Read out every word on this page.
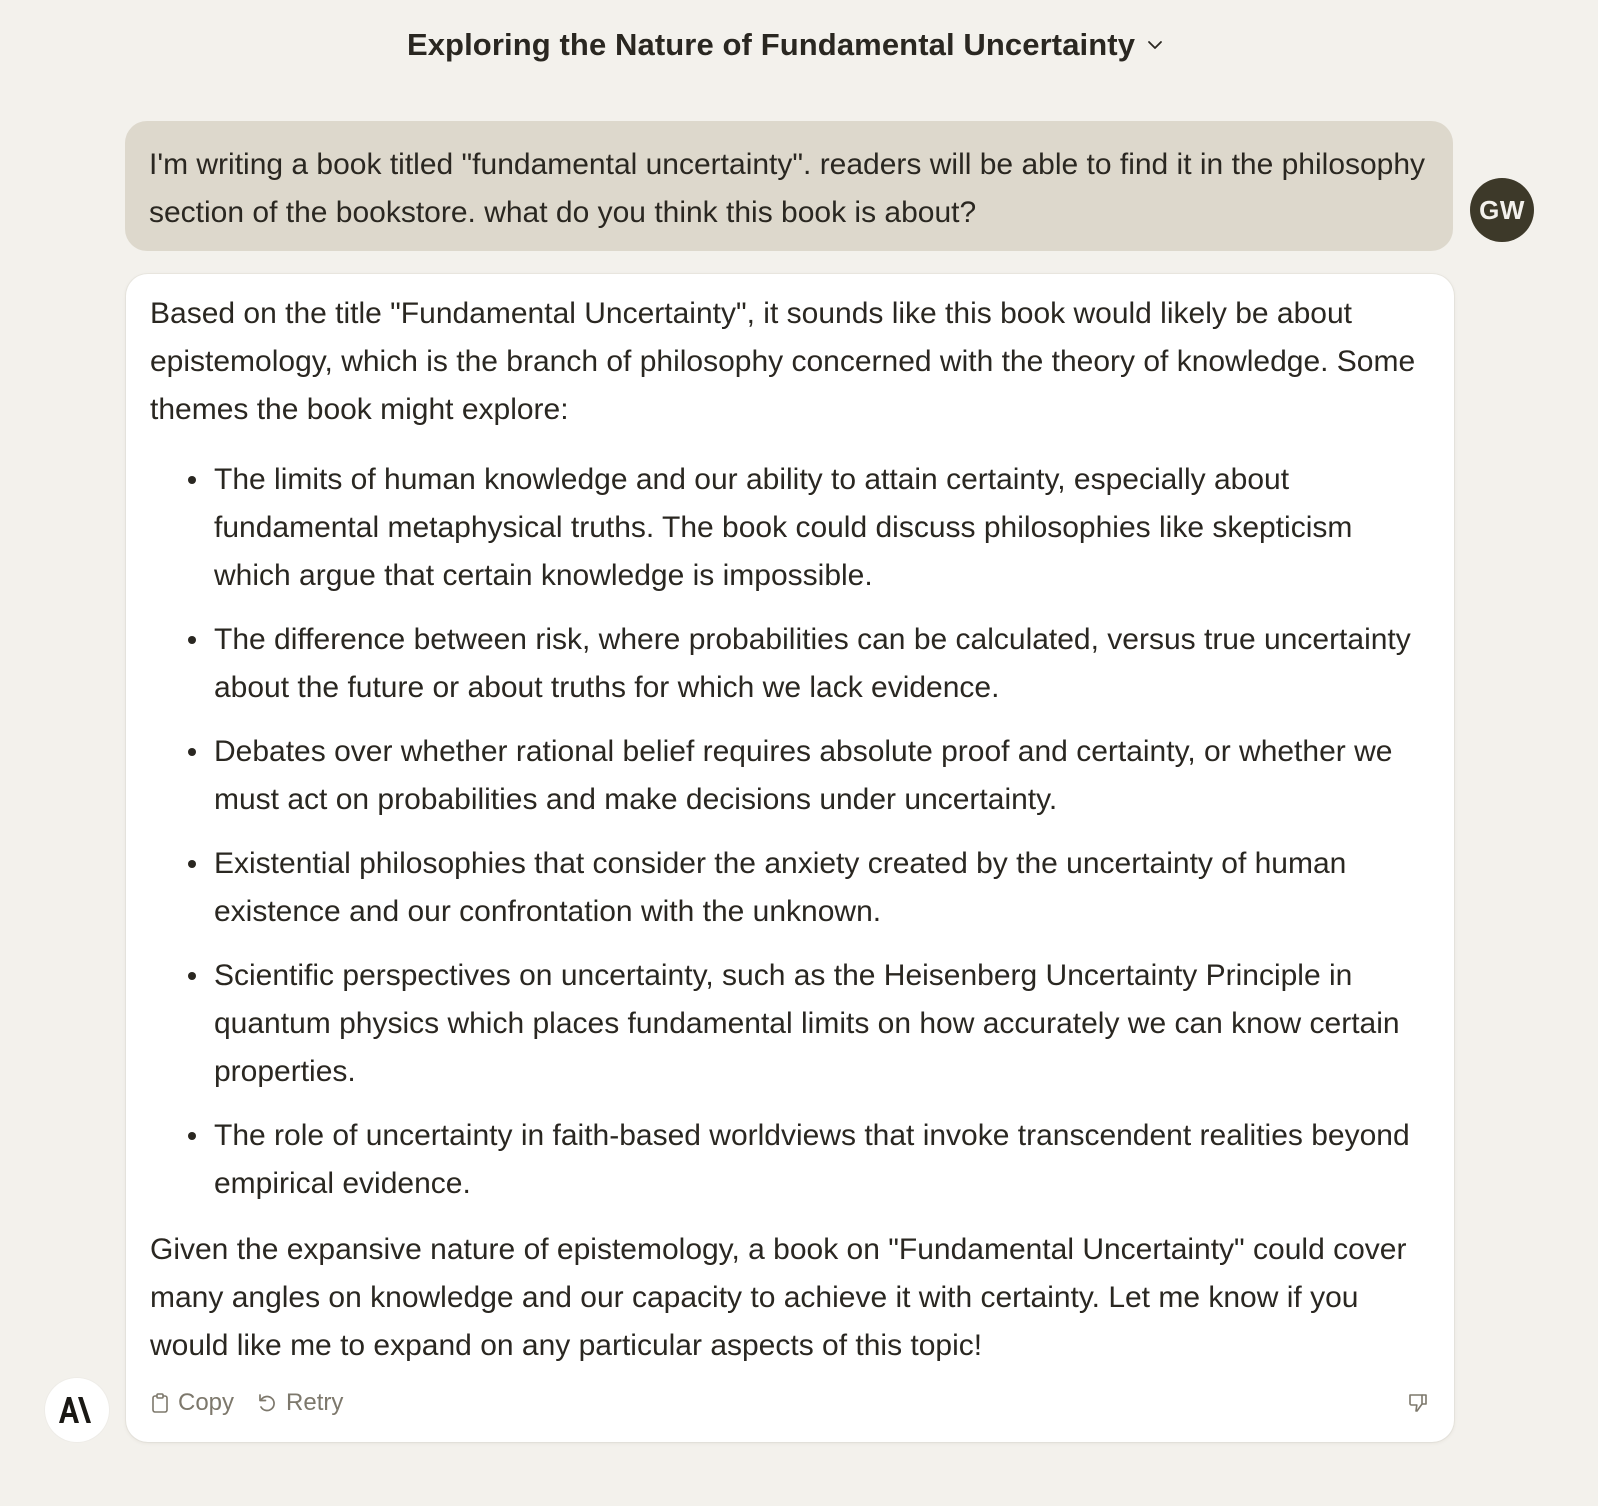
Exploring the Nature of Fundamental Uncertainty
I'm writing a book titled "fundamental uncertainty". readers will be able to find it in the philosophy section of the bookstore. what do you think this book is about?	GW

Based on the title "Fundamental Uncertainty", it sounds like this book would likely be about epistemology, which is the branch of philosophy concerned with the theory of knowledge. Some themes the book might explore:

The limits of human knowledge and our ability to attain certainty, especially about fundamental metaphysical truths. The book could discuss philosophies like skepticism which argue that certain knowledge is impossible.
The difference between risk, where probabilities can be calculated, versus true uncertainty about the future or about truths for which we lack evidence.
Debates over whether rational belief requires absolute proof and certainty, or whether we must act on probabilities and make decisions under uncertainty.
Existential philosophies that consider the anxiety created by the uncertainty of human existence and our confrontation with the unknown.
Scientific perspectives on uncertainty, such as the Heisenberg Uncertainty Principle in quantum physics which places fundamental limits on how accurately we can know certain properties.
The role of uncertainty in faith-based worldviews that invoke transcendent realities beyond empirical evidence.

Given the expansive nature of epistemology, a book on "Fundamental Uncertainty" could cover many angles on knowledge and our capacity to achieve it with certainty. Let me know if you would like me to expand on any particular aspects of this topic!

Copy Retry
